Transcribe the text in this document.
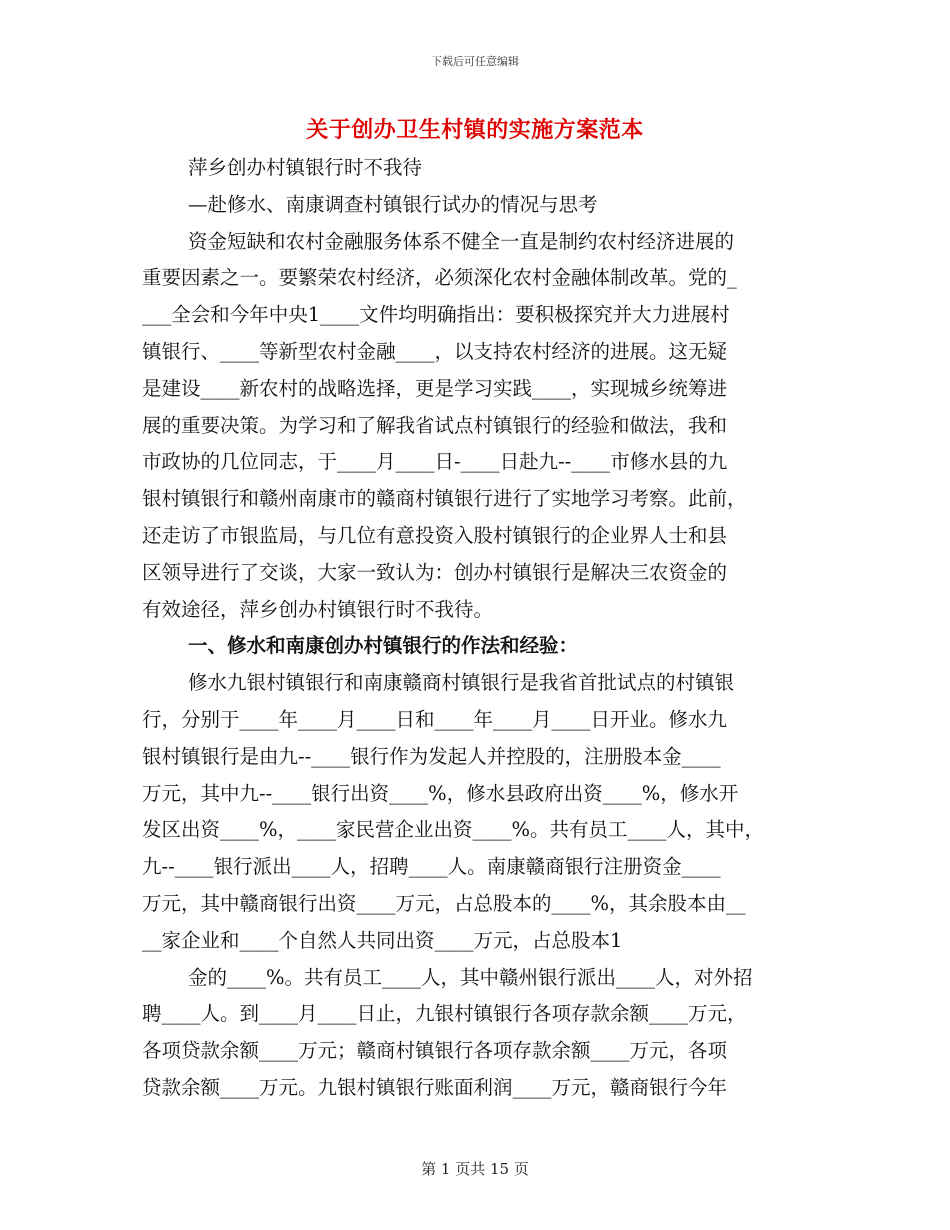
下载后可任意编辑
关于创办卫生村镇的实施方案范本

萍乡创办村镇银行时不我待

—赴修水、南康调查村镇银行试办的情况与思考

资金短缺和农村金融服务体系不健全一直是制约农村经济进展的

重要因素之一。要繁荣农村经济，必须深化农村金融体制改革。党的_

___全会和今年中央1____文件均明确指出：要积极探究并大力进展村

镇银行、____等新型农村金融____，以支持农村经济的进展。这无疑

是建设____新农村的战略选择，更是学习实践____，实现城乡统筹进

展的重要决策。为学习和了解我省试点村镇银行的经验和做法，我和

市政协的几位同志，于____月____日-____日赴九--____市修水县的九

银村镇银行和赣州南康市的赣商村镇银行进行了实地学习考察。此前，

还走访了市银监局，与几位有意投资入股村镇银行的企业界人士和县

区领导进行了交谈，大家一致认为：创办村镇银行是解决三农资金的

有效途径，萍乡创办村镇银行时不我待。

一、修水和南康创办村镇银行的作法和经验：

修水九银村镇银行和南康赣商村镇银行是我省首批试点的村镇银

行，分别于____年____月____日和____年____月____日开业。修水九

银村镇银行是由九--____银行作为发起人并控股的，注册股本金____

万元，其中九--____银行出资____%，修水县政府出资____%，修水开

发区出资____%，____家民营企业出资____%。共有员工____人，其中，

九--____银行派出____人，招聘____人。南康赣商银行注册资金____

万元，其中赣商银行出资____万元，占总股本的____%，其余股本由__

__家企业和____个自然人共同出资____万元，占总股本1

金的____%。共有员工____人，其中赣州银行派出____人，对外招

聘____人。到____月____日止，九银村镇银行各项存款余额____万元，

各项贷款余额____万元；赣商村镇银行各项存款余额____万元，各项

贷款余额____万元。九银村镇银行账面利润____万元，赣商银行今年

第 1 页共 15 页
